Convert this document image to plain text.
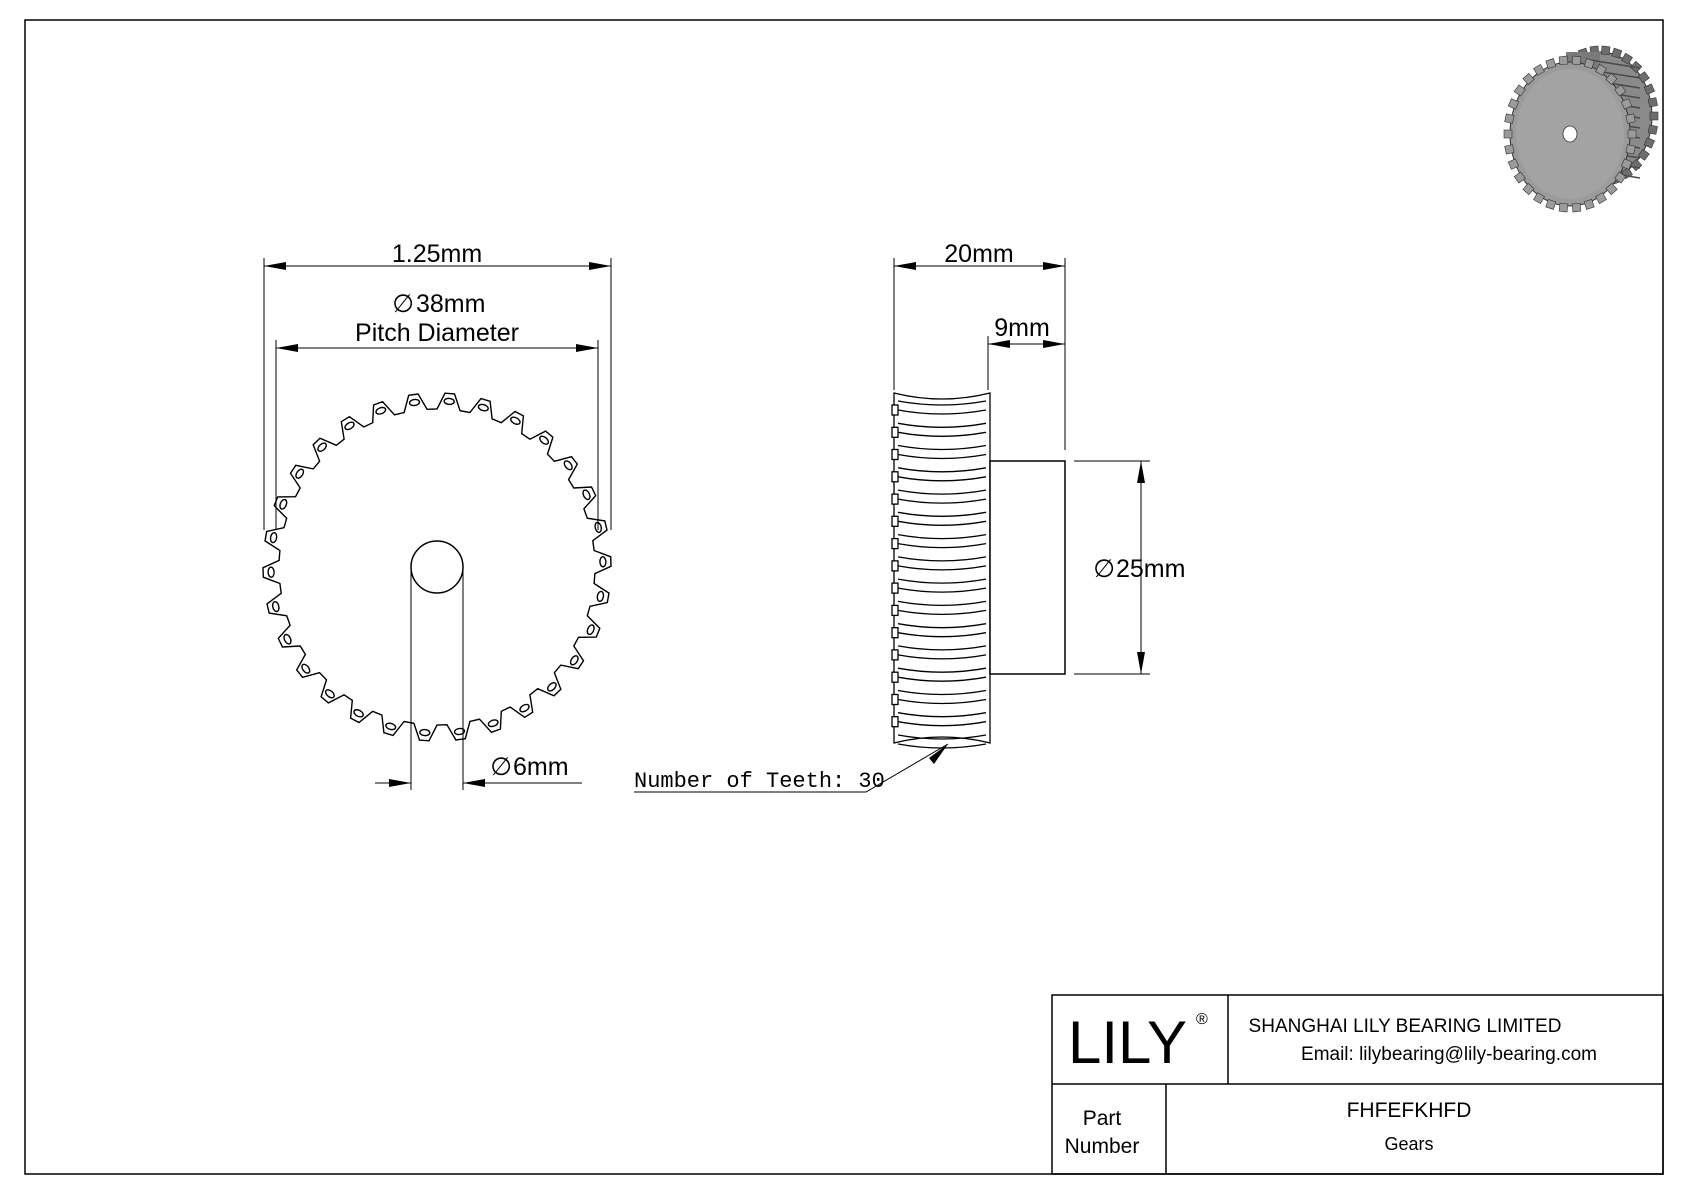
1.25mm
∅ 38mm
Pitch Diameter
∅ 6mm
20mm
9mm
∅ 25mm
Number of Teeth: 30
LILY ® SHANGHAI LILY BEARING LIMITED
Email: lilybearing@lily-bearing.com
Part
Number
FHFEFKHFD
Gears
